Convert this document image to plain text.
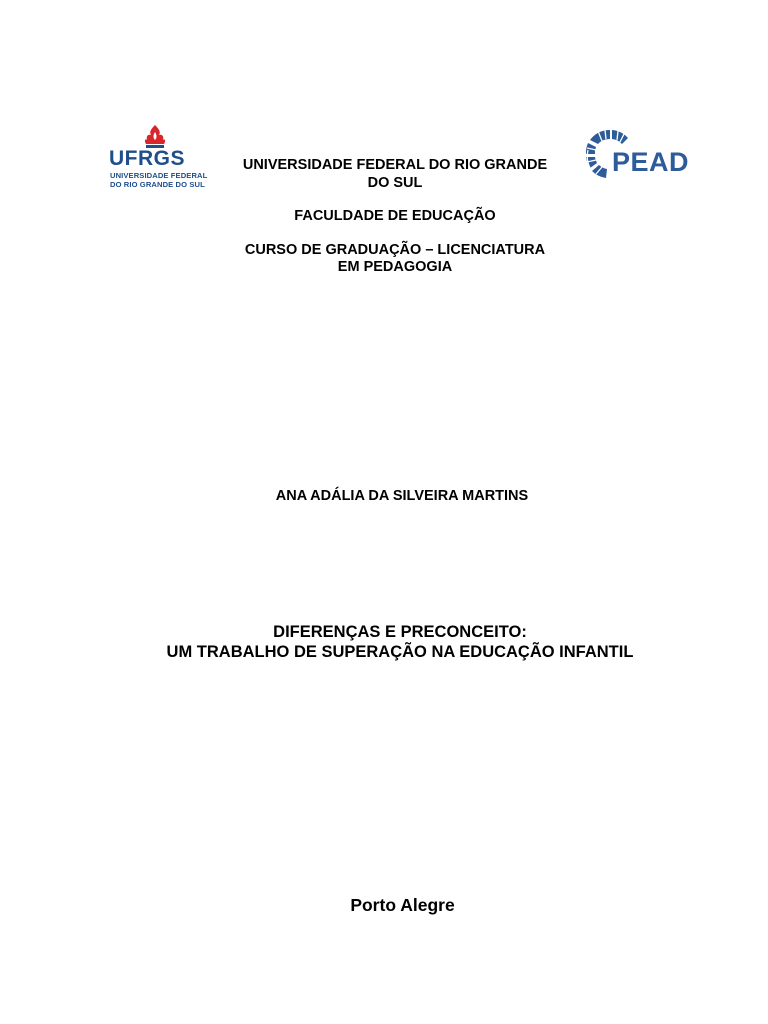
UFRGS
UNIVERSIDADE FEDERAL
DO RIO GRANDE DO SUL
PEAD
UNIVERSIDADE FEDERAL DO RIO GRANDE
DO SUL
FACULDADE DE EDUCAÇÃO
CURSO DE GRADUAÇÃO – LICENCIATURA
EM PEDAGOGIA
ANA ADÁLIA DA SILVEIRA MARTINS
DIFERENÇAS E PRECONCEITO:
UM TRABALHO DE SUPERAÇÃO NA EDUCAÇÃO INFANTIL
Porto Alegre
